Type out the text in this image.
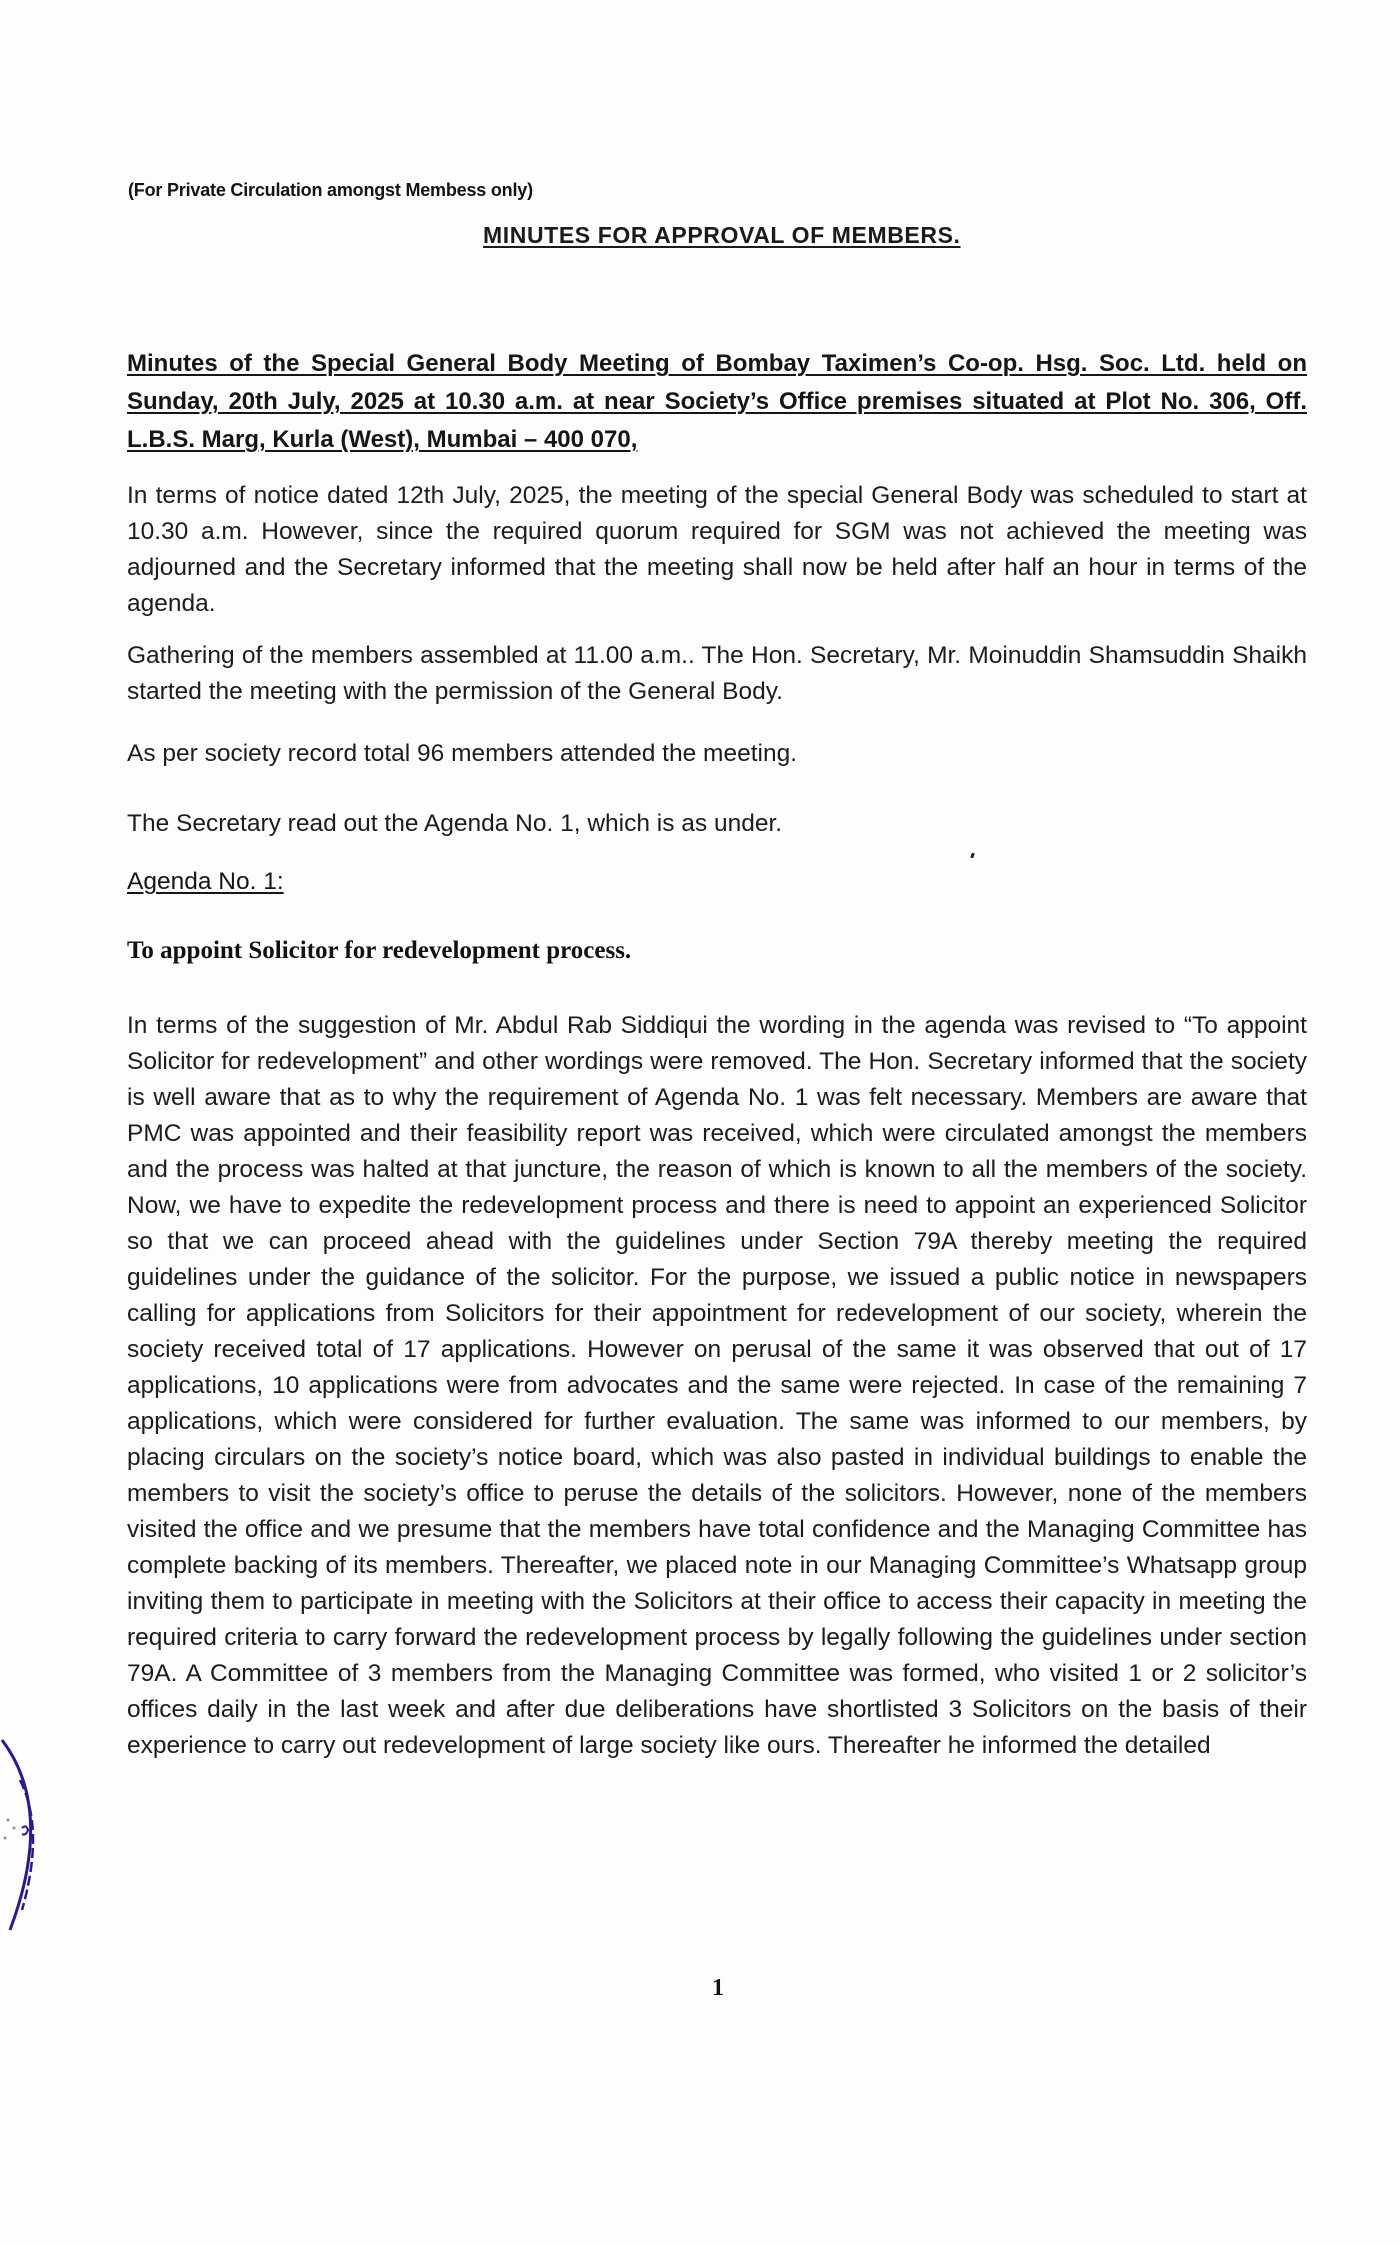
(For Private Circulation amongst Membess only)
MINUTES FOR APPROVAL OF MEMBERS.
Minutes of the Special General Body Meeting of Bombay Taximen’s Co-op. Hsg. Soc. Ltd. held on Sunday, 20th July, 2025 at 10.30 a.m. at near Society’s Office premises situated at Plot No. 306, Off. L.B.S. Marg, Kurla (West), Mumbai – 400 070,
In terms of notice dated 12th July, 2025, the meeting of the special General Body was scheduled to start at 10.30 a.m. However, since the required quorum required for SGM was not achieved the meeting was adjourned and the Secretary informed that the meeting shall now be held after half an hour in terms of the agenda.
Gathering of the members assembled at 11.00 a.m.. The Hon. Secretary, Mr. Moinuddin Shamsuddin Shaikh started the meeting with the permission of the General Body.
As per society record total 96 members attended the meeting.
The Secretary read out the Agenda No. 1, which is as under.
Agenda No. 1:
To appoint Solicitor for redevelopment process.
In terms of the suggestion of Mr. Abdul Rab Siddiqui the wording in the agenda was revised to “To appoint Solicitor for redevelopment” and other wordings were removed. The Hon. Secretary informed that the society is well aware that as to why the requirement of Agenda No. 1 was felt necessary. Members are aware that PMC was appointed and their feasibility report was received, which were circulated amongst the members and the process was halted at that juncture, the reason of which is known to all the members of the society. Now, we have to expedite the redevelopment process and there is need to appoint an experienced Solicitor so that we can proceed ahead with the guidelines under Section 79A thereby meeting the required guidelines under the guidance of the solicitor. For the purpose, we issued a public notice in newspapers calling for applications from Solicitors for their appointment for redevelopment of our society, wherein the society received total of 17 applications. However on perusal of the same it was observed that out of 17 applications, 10 applications were from advocates and the same were rejected. In case of the remaining 7 applications, which were considered for further evaluation. The same was informed to our members, by placing circulars on the society’s notice board, which was also pasted in individual buildings to enable the members to visit the society’s office to peruse the details of the solicitors. However, none of the members visited the office and we presume that the members have total confidence and the Managing Committee has complete backing of its members. Thereafter, we placed note in our Managing Committee’s Whatsapp group inviting them to participate in meeting with the Solicitors at their office to access their capacity in meeting the required criteria to carry forward the redevelopment process by legally following the guidelines under section 79A. A Committee of 3 members from the Managing Committee was formed, who visited 1 or 2 solicitor’s offices daily in the last week and after due deliberations have shortlisted 3 Solicitors on the basis of their experience to carry out redevelopment of large society like ours. Thereafter he informed the detailed
1
